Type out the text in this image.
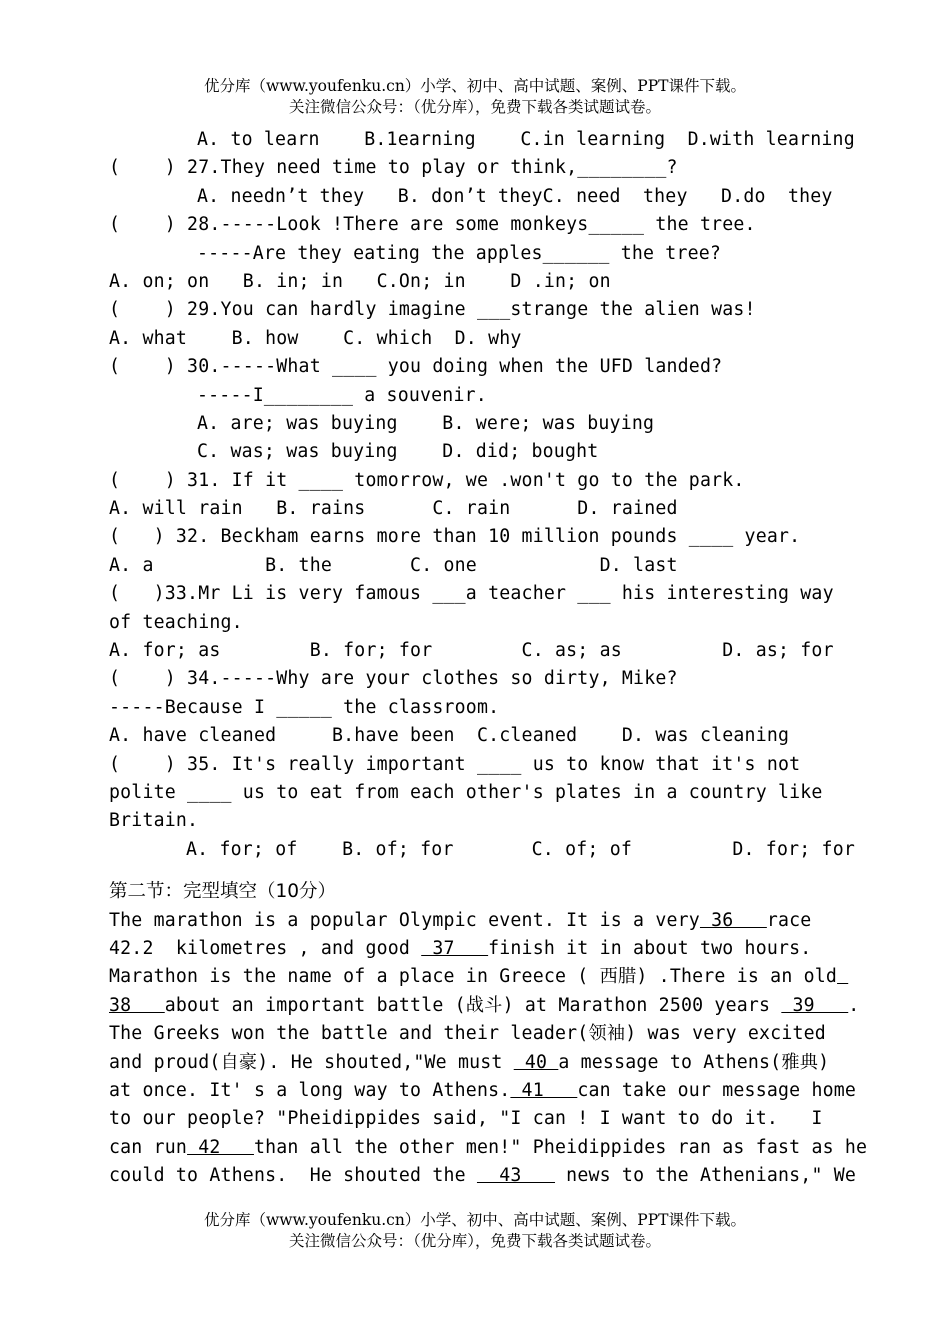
优分库（www.youfenku.cn）小学、初中、高中试题、案例、PPT课件下载。
关注微信公众号：（优分库），免费下载各类试题试卷。
A. to learn    B.1earning    C.in learning  D.with learning
(    ) 27.They need time to play or think,________?
A. needn’t they   B. don’t theyC. need  they   D.do  they
(    ) 28.-----Look !There are some monkeys_____ the tree.
-----Are they eating the apples______ the tree?
A. on; on   B. in; in   C.On; in    D .in; on
(    ) 29.You can hardly imagine ___strange the alien was!
A. what    B. how    C. which  D. why
(    ) 30.-----What ____ you doing when the UFD landed?
-----I________ a souvenir.
A. are; was buying    B. were; was buying
C. was; was buying    D. did; bought
(    ) 31. If it ____ tomorrow, we .won't go to the park.
A. will rain   B. rains      C. rain      D. rained
(   ) 32. Beckham earns more than 10 million pounds ____ year.
A. a          B. the       C. one           D. last
(   )33.Mr Li is very famous ___a teacher ___ his interesting way
of teaching.
A. for; as        B. for; for        C. as; as         D. as; for
(    ) 34.-----Why are your clothes so dirty, Mike?
-----Because I _____ the classroom.
A. have cleaned     B.have been  C.cleaned    D. was cleaning
(    ) 35. It's really important ____ us to know that it's not
polite ____ us to eat from each other's plates in a country like
Britain.
A. for; of    B. of; for       C. of; of         D. for; for
第二节：完型填空（10分）
The marathon is a popular Olympic event. It is a very 36   race
42.2  kilometres , and good  37   finish it in about two hours.
Marathon is the name of a place in Greece ( 西腊) .There is an old
38   about an important battle (战斗) at Marathon 2500 years  39   .
The Greeks won the battle and their leader(领袖) was very excited
and proud(自豪). He shouted,"We must  40 a message to Athens(雅典)
at once. It' s a long way to Athens. 41   can take our message home
to our people? "Pheidippides said, "I can ! I want to do it.   I
can run 42   than all the other men!" Pheidippides ran as fast as he
could to Athens.  He shouted the   43    news to the Athenians," We
优分库（www.youfenku.cn）小学、初中、高中试题、案例、PPT课件下载。
关注微信公众号：（优分库），免费下载各类试题试卷。
